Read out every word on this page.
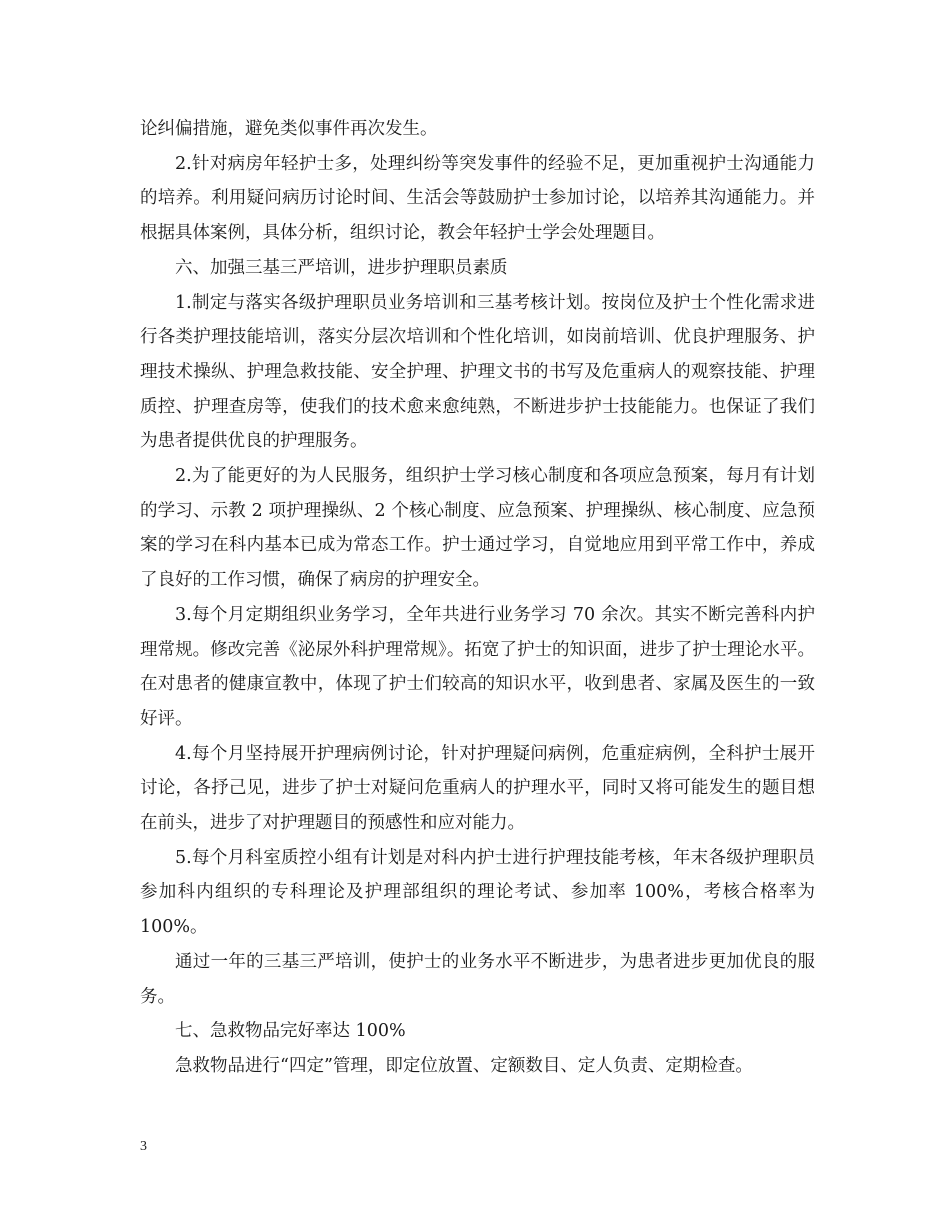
论纠偏措施，避免类似事件再次发生。

2.针对病房年轻护士多，处理纠纷等突发事件的经验不足，更加重视护士沟通能力的培养。利用疑问病历讨论时间、生活会等鼓励护士参加讨论，以培养其沟通能力。并根据具体案例，具体分析，组织讨论，教会年轻护士学会处理题目。

六、加强三基三严培训，进步护理职员素质

1.制定与落实各级护理职员业务培训和三基考核计划。按岗位及护士个性化需求进行各类护理技能培训，落实分层次培训和个性化培训，如岗前培训、优良护理服务、护理技术操纵、护理急救技能、安全护理、护理文书的书写及危重病人的观察技能、护理质控、护理查房等，使我们的技术愈来愈纯熟，不断进步护士技能能力。也保证了我们为患者提供优良的护理服务。

2.为了能更好的为人民服务，组织护士学习核心制度和各项应急预案，每月有计划的学习、示教 2 项护理操纵、2 个核心制度、应急预案、护理操纵、核心制度、应急预案的学习在科内基本已成为常态工作。护士通过学习，自觉地应用到平常工作中，养成了良好的工作习惯，确保了病房的护理安全。

3.每个月定期组织业务学习，全年共进行业务学习 70 余次。其实不断完善科内护理常规。修改完善《泌尿外科护理常规》。拓宽了护士的知识面，进步了护士理论水平。在对患者的健康宣教中，体现了护士们较高的知识水平，收到患者、家属及医生的一致好评。

4.每个月坚持展开护理病例讨论，针对护理疑问病例，危重症病例，全科护士展开讨论，各抒己见，进步了护士对疑问危重病人的护理水平，同时又将可能发生的题目想在前头，进步了对护理题目的预感性和应对能力。

5.每个月科室质控小组有计划是对科内护士进行护理技能考核，年末各级护理职员参加科内组织的专科理论及护理部组织的理论考试、参加率 100%，考核合格率为 100%。

通过一年的三基三严培训，使护士的业务水平不断进步，为患者进步更加优良的服务。

七、急救物品完好率达 100%

急救物品进行“四定”管理，即定位放置、定额数目、定人负责、定期检查。

3
